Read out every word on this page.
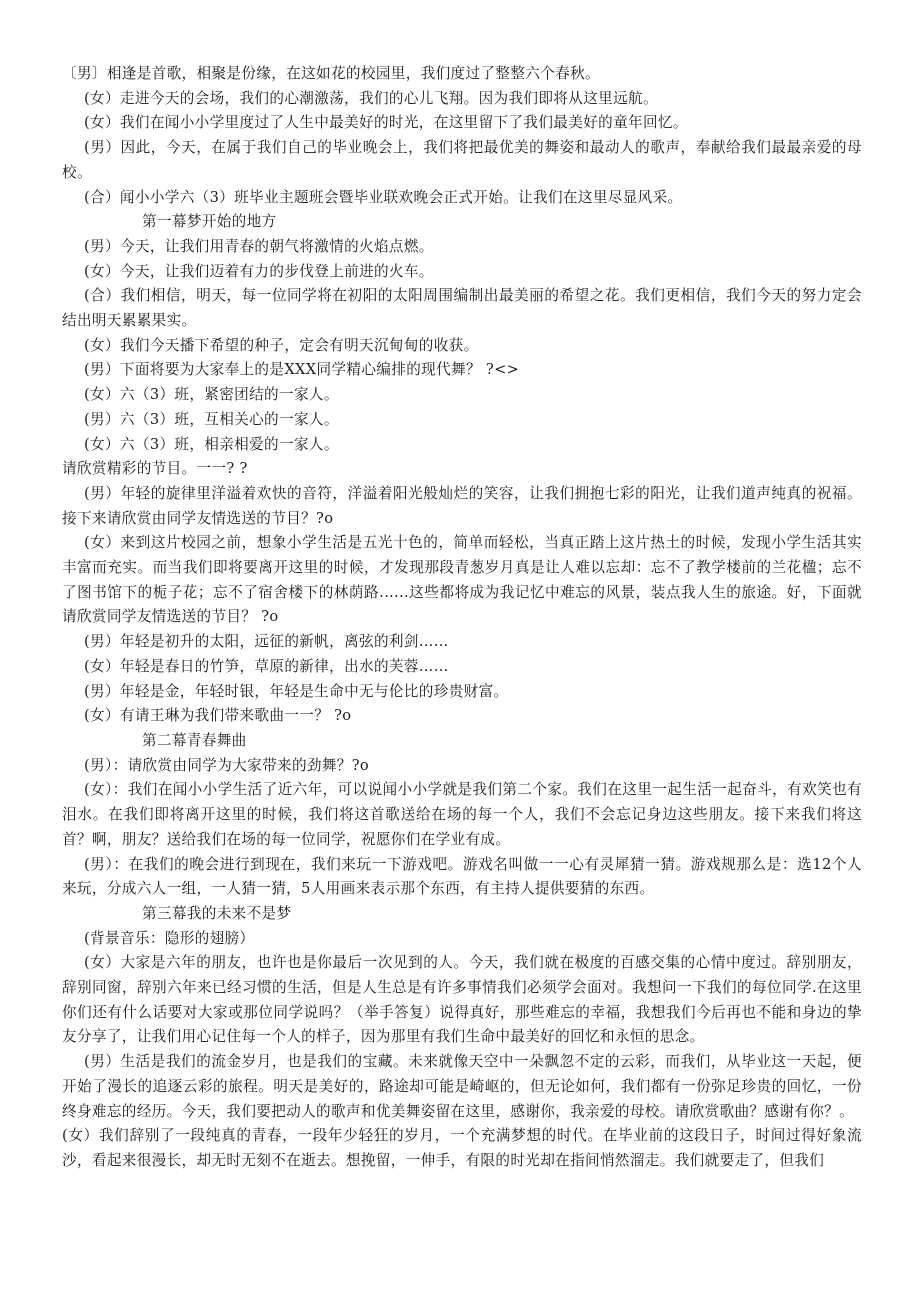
〔男〕相逢是首歌，相聚是份缘，在这如花的校园里，我们度过了整整六个春秋。

(女）走进今天的会场，我们的心潮激荡，我们的心儿飞翔。因为我们即将从这里远航。

(女）我们在闻小小学里度过了人生中最美好的时光，在这里留下了我们最美好的童年回忆。

(男）因此，今天，在属于我们自己的毕业晚会上，我们将把最优美的舞姿和最动人的歌声，奉献给我们最最亲爱的母校。

(合）闻小小学六（3）班毕业主题班会暨毕业联欢晚会正式开始。让我们在这里尽显风采。

第一幕梦开始的地方

(男）今天，让我们用青春的朝气将激情的火焰点燃。

(女）今天，让我们迈着有力的步伐登上前进的火车。

(合）我们相信，明天，每一位同学将在初阳的太阳周围编制出最美丽的希望之花。我们更相信，我们今天的努力定会结出明天累累果实。

(女）我们今天播下希望的种子，定会有明天沉甸甸的收获。

(男）下面将要为大家奉上的是XXX同学精心编排的现代舞？ ?<>

(女）六（3）班，紧密团结的一家人。

(男）六（3）班，互相关心的一家人。

(女）六（3）班，相亲相爱的一家人。

请欣赏精彩的节目。一一? ?

(男）年轻的旋律里洋溢着欢快的音符，洋溢着阳光般灿烂的笑容，让我们拥抱七彩的阳光，让我们道声纯真的祝福。接下来请欣赏由同学友情选送的节目？?o

(女）来到这片校园之前，想象小学生活是五光十色的，简单而轻松，当真正踏上这片热土的时候，发现小学生活其实丰富而充实。而当我们即将要离开这里的时候，才发现那段青葱岁月真是让人难以忘却：忘不了教学楼前的兰花楹；忘不了图书馆下的栀子花；忘不了宿舍楼下的林荫路.…..这些都将成为我记忆中难忘的风景，装点我人生的旅途。好，下面就请欣赏同学友情选送的节目？ ?o

(男）年轻是初升的太阳，远征的新帆，离弦的利剑……

(女）年轻是春日的竹笋，草原的新律，出水的芙蓉……

(男）年轻是金，年轻时银，年轻是生命中无与伦比的珍贵财富。

(女）有请王琳为我们带来歌曲一一？ ?o

第二幕青春舞曲

(男）：请欣赏由同学为大家带来的劲舞？?o

(女）：我们在闻小小学生活了近六年，可以说闻小小学就是我们第二个家。我们在这里一起生活一起奋斗，有欢笑也有泪水。在我们即将离开这里的时候，我们将这首歌送给在场的每一个人，我们不会忘记身边这些朋友。接下来我们将这首？啊，朋友？送给我们在场的每一位同学，祝愿你们在学业有成。

(男）：在我们的晚会进行到现在，我们来玩一下游戏吧。游戏名叫做一一心有灵犀猜一猜。游戏规那么是：选12个人来玩，分成六人一组，一人猜一猜，5人用画来表示那个东西，有主持人提供要猜的东西。

第三幕我的未来不是梦

(背景音乐：隐形的翅膀）

(女）大家是六年的朋友，也许也是你最后一次见到的人。今天，我们就在极度的百感交集的心情中度过。辞别朋友，辞别同窗，辞别六年来已经习惯的生活，但是人生总是有许多事情我们必须学会面对。我想问一下我们的每位同学.在这里你们还有什么话要对大家或那位同学说吗？（举手答复）说得真好，那些难忘的幸福，我想我们今后再也不能和身边的挚友分享了，让我们用心记住每一个人的样子，因为那里有我们生命中最美好的回忆和永恒的思念。

(男）生活是我们的流金岁月，也是我们的宝藏。未来就像天空中一朵飘忽不定的云彩，而我们，从毕业这一天起，便开始了漫长的追逐云彩的旅程。明天是美好的，路途却可能是崎岖的，但无论如何，我们都有一份弥足珍贵的回忆，一份终身难忘的经历。今天，我们要把动人的歌声和优美舞姿留在这里，感谢你，我亲爱的母校。请欣赏歌曲？感谢有你？。

(女）我们辞别了一段纯真的青春，一段年少轻狂的岁月，一个充满梦想的时代。在毕业前的这段日子，时间过得好象流沙，看起来很漫长，却无时无刻不在逝去。想挽留，一伸手，有限的时光却在指间悄然溜走。我们就要走了，但我们
